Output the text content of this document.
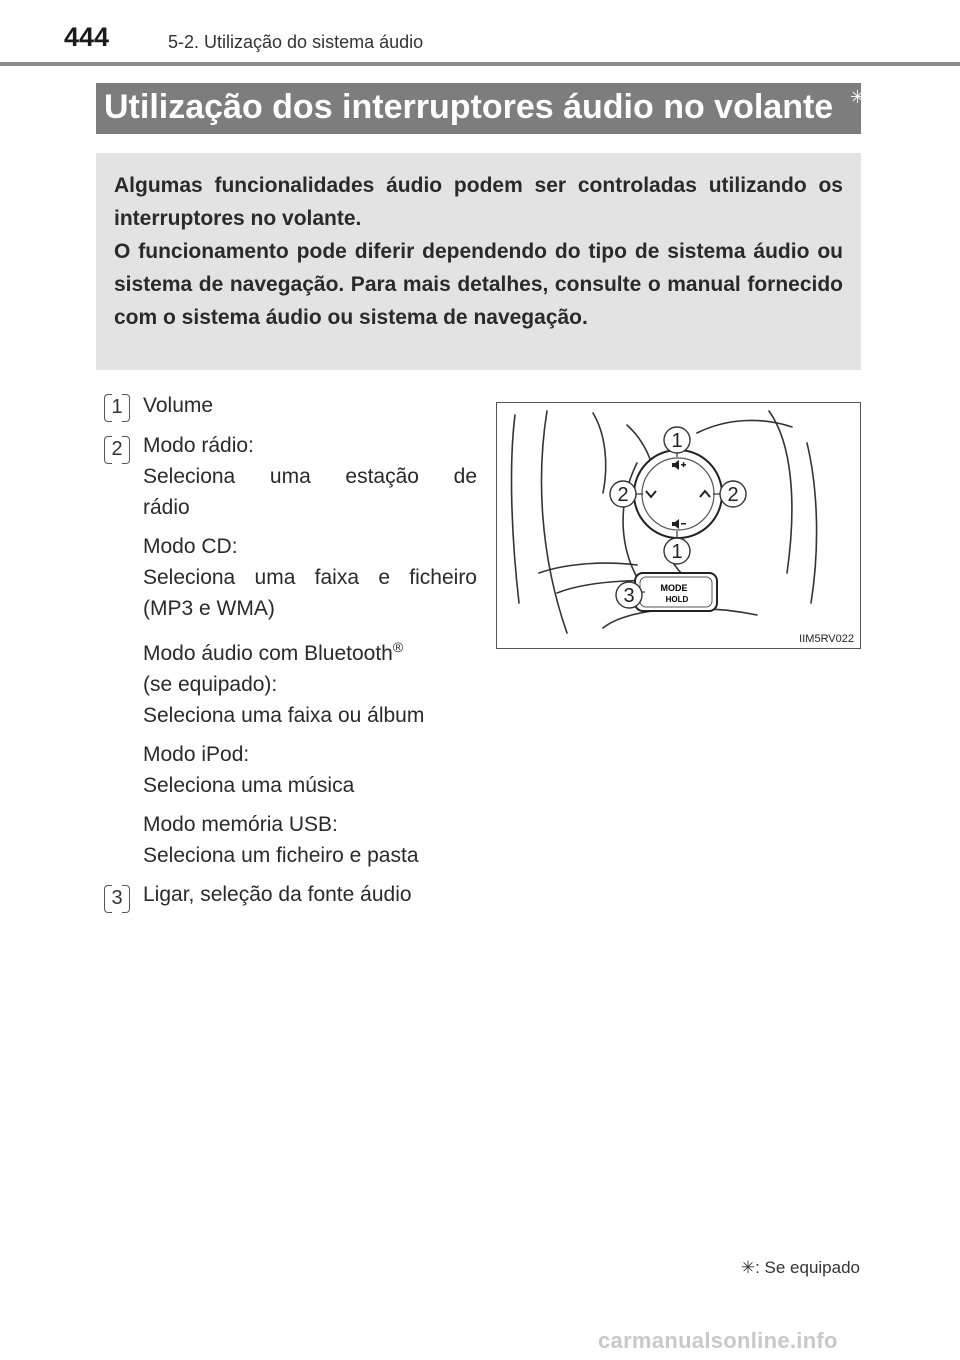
444	5-2. Utilização do sistema áudio
Utilização dos interruptores áudio no volante ✳

Algumas funcionalidades áudio podem ser controladas utilizando os interruptores no volante.

O funcionamento pode diferir dependendo do tipo de sistema áudio ou sistema de navegação. Para mais detalhes, consulte o manual fornecido com o sistema áudio ou sistema de navegação.

1 Volume
2 Modo rádio:
Seleciona uma estação de
rádio
Modo CD:
Seleciona uma faixa e ficheiro
(MP3 e WMA)
Modo áudio com Bluetooth®
(se equipado):
Seleciona uma faixa ou álbum
Modo iPod:
Seleciona uma música
Modo memória USB:
Seleciona um ficheiro e pasta
3 Ligar, seleção da fonte áudio
MODE
HOLD
1
2	2
1
3
IIM5RV022
✳: Se equipado
carmanualsonline.info
